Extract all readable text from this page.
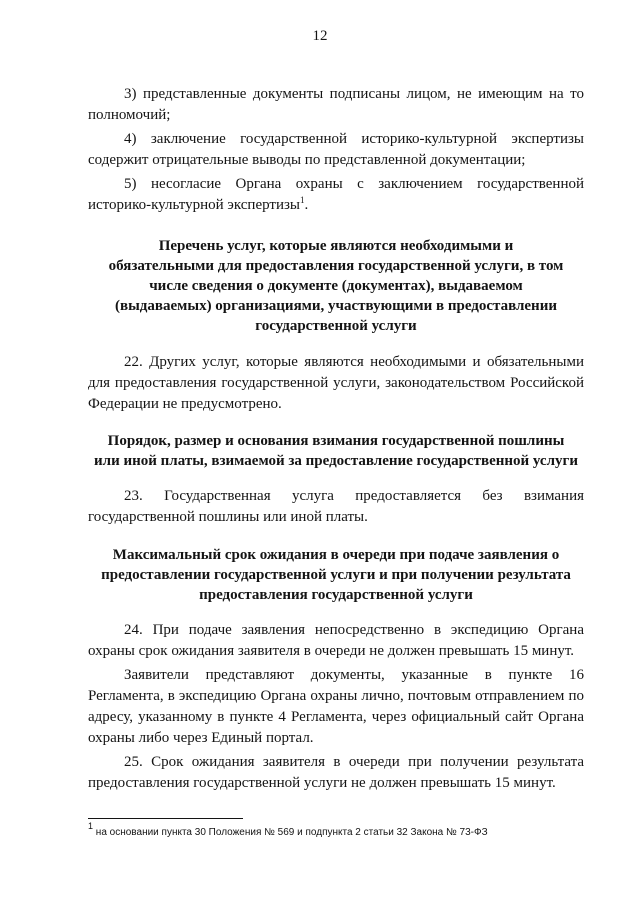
12

3) представленные документы подписаны лицом, не имеющим на то полномочий;

4) заключение государственной историко-культурной экспертизы содержит отрицательные выводы по представленной документации;

5) несогласие Органа охраны с заключением государственной историко-культурной экспертизы$^1$.

Перечень услуг, которые являются необходимыми и
обязательными для предоставления государственной услуги, в том
числе сведения о документе (документах), выдаваемом
(выдаваемых) организациями, участвующими в предоставлении
государственной услуги

22. Других услуг, которые являются необходимыми и обязательными для предоставления государственной услуги, законодательством Российской Федерации не предусмотрено.

Порядок, размер и основания взимания государственной пошлины
или иной платы, взимаемой за предоставление государственной услуги

23. Государственная услуга предоставляется без взимания государственной пошлины или иной платы.

Максимальный срок ожидания в очереди при подаче заявления о
предоставлении государственной услуги и при получении результата
предоставления государственной услуги

24. При подаче заявления непосредственно в экспедицию Органа охраны срок ожидания заявителя в очереди не должен превышать 15 минут.

Заявители представляют документы, указанные в пункте 16 Регламента, в экспедицию Органа охраны лично, почтовым отправлением по адресу, указанному в пункте 4 Регламента, через официальный сайт Органа охраны либо через Единый портал.

25. Срок ожидания заявителя в очереди при получении результата предоставления государственной услуги не должен превышать 15 минут.

$^1$ на основании пункта 30 Положения № 569 и подпункта 2 статьи 32 Закона № 73-ФЗ
